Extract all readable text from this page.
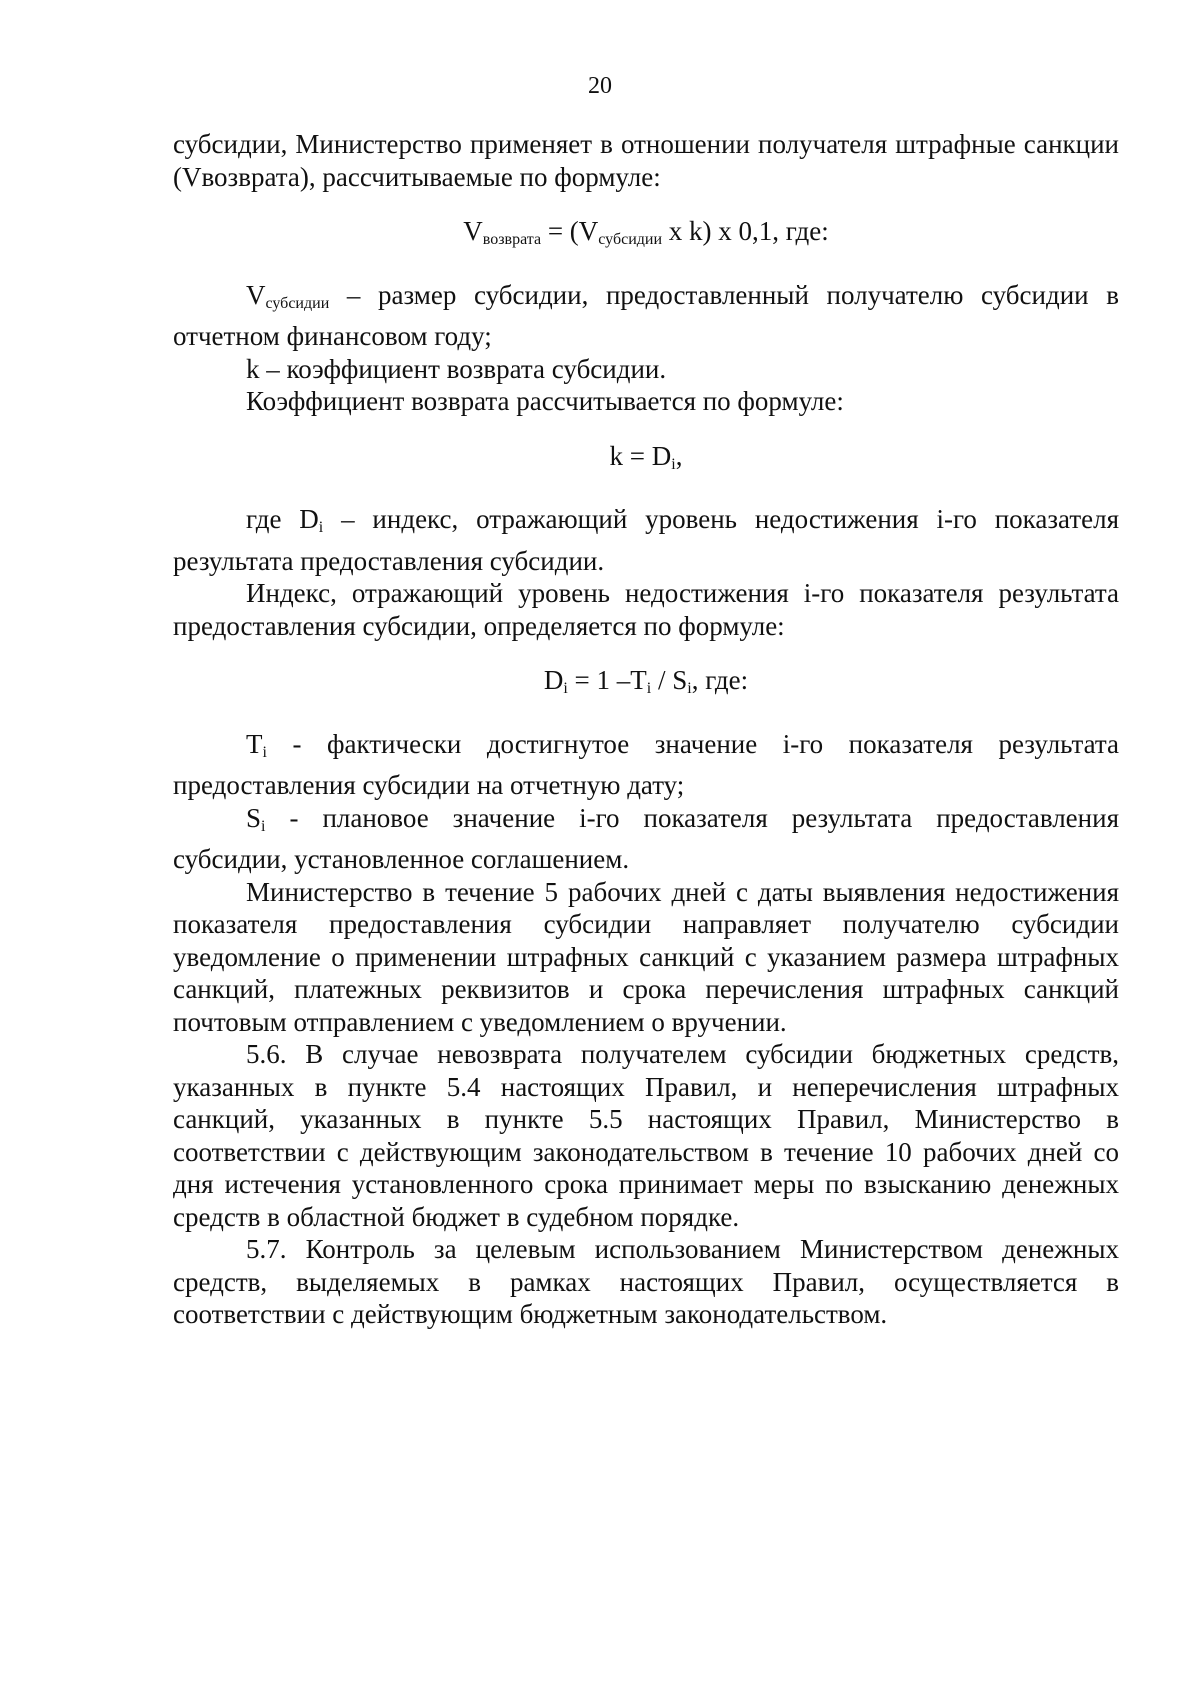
20

субсидии, Министерство применяет в отношении получателя штрафные санкции (Vвозврата), рассчитываемые по формуле:

$V_{возврата} = (V_{субсидии}$ x k) x 0,1, где:

$V_{субсидии}$ – размер субсидии, предоставленный получателю субсидии в отчетном финансовом году;

k – коэффициент возврата субсидии.

Коэффициент возврата рассчитывается по формуле:

$k = D_i$,

где $D_i$ – индекс, отражающий уровень недостижения i-го показателя результата предоставления субсидии.

Индекс, отражающий уровень недостижения i-го показателя результата предоставления субсидии, определяется по формуле:

$D_i = 1$ $-T_i / S_i$, где:

$T_i$ - фактически достигнутое значение i-го показателя результата предоставления субсидии на отчетную дату;

$S_i$ - плановое значение i-го показателя результата предоставления субсидии, установленное соглашением.

Министерство в течение 5 рабочих дней с даты выявления недостижения показателя предоставления субсидии направляет получателю субсидии уведомление о применении штрафных санкций с указанием размера штрафных санкций, платежных реквизитов и срока перечисления штрафных санкций почтовым отправлением с уведомлением о вручении.

5.6. В случае невозврата получателем субсидии бюджетных средств, указанных в пункте 5.4 настоящих Правил, и неперечисления штрафных санкций, указанных в пункте 5.5 настоящих Правил, Министерство в соответствии с действующим законодательством в течение 10 рабочих дней со дня истечения установленного срока принимает меры по взысканию денежных средств в областной бюджет в судебном порядке.

5.7. Контроль за целевым использованием Министерством денежных средств, выделяемых в рамках настоящих Правил, осуществляется в соответствии с действующим бюджетным законодательством.
